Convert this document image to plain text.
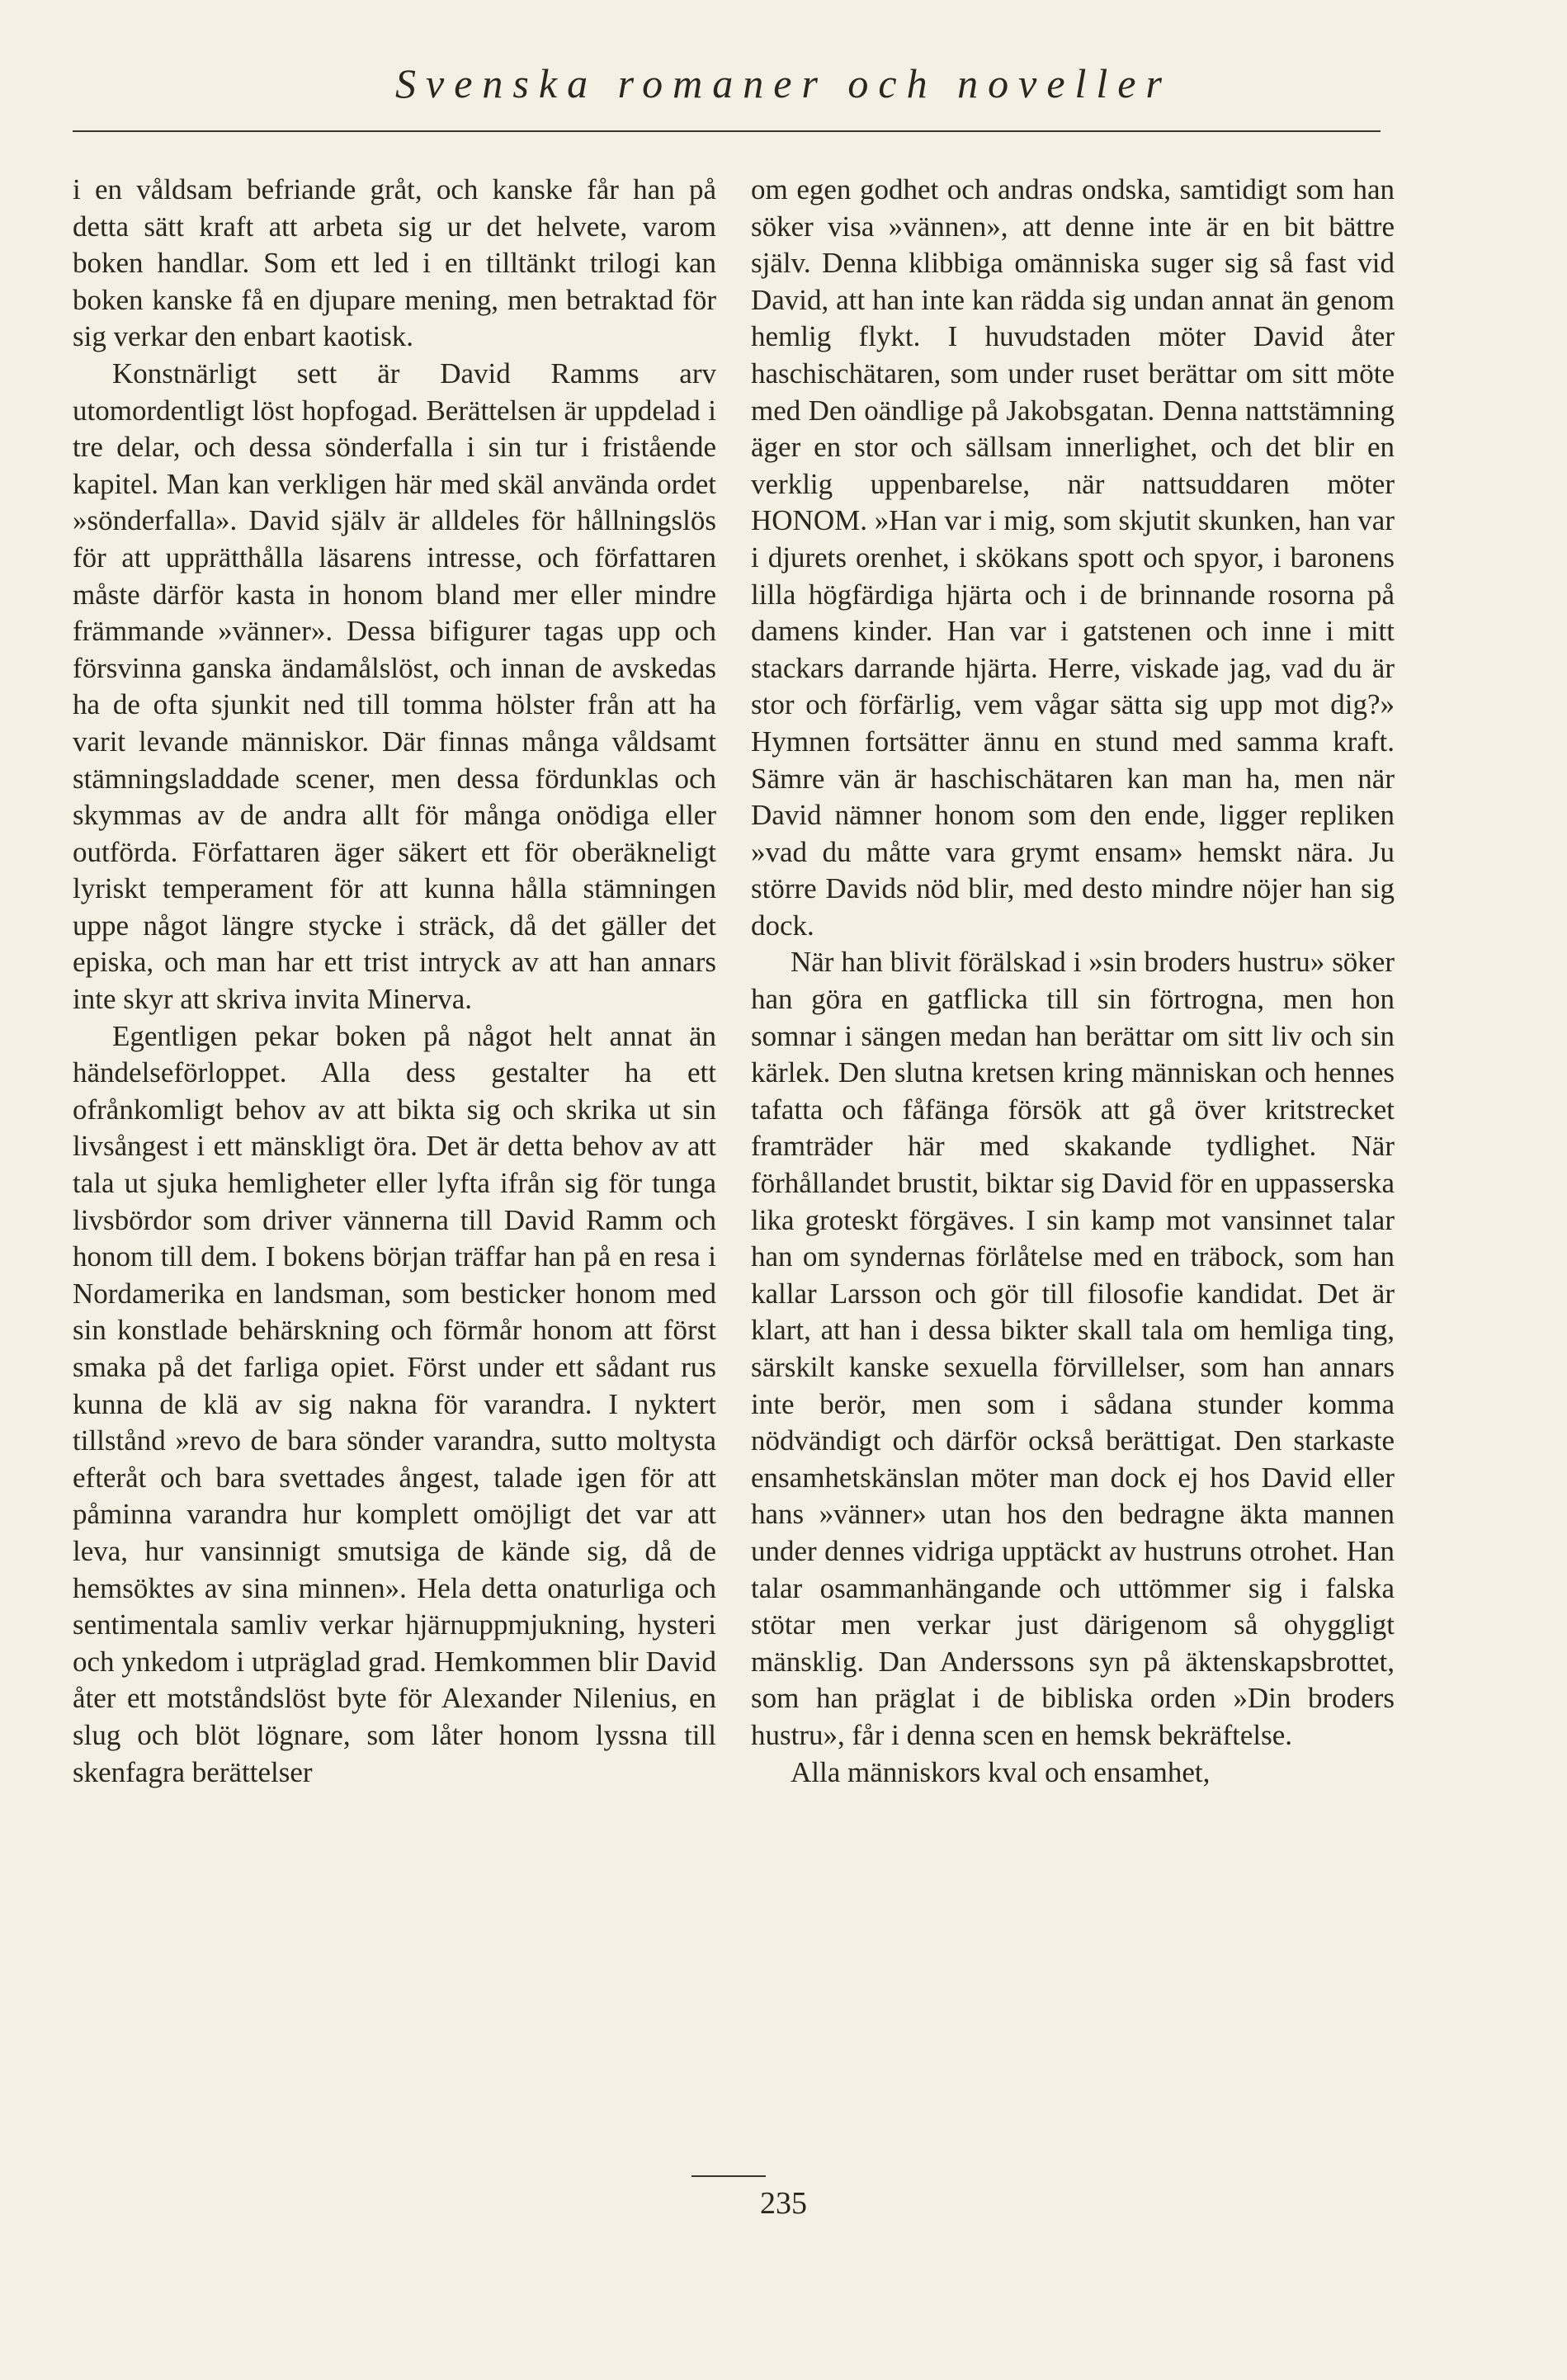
Svenska romaner och noveller

i en våldsam befriande gråt, och kanske får han på detta sätt kraft att arbeta sig ur det helvete, varom boken handlar. Som ett led i en tilltänkt trilogi kan boken kanske få en djupare mening, men betraktad för sig verkar den enbart kaotisk.

Konstnärligt sett är David Ramms arv utomordentligt löst hopfogad. Berättelsen är uppdelad i tre delar, och dessa sönderfalla i sin tur i fristående kapitel. Man kan verkligen här med skäl använda ordet »sönderfalla». David själv är alldeles för hållningslös för att upprätthålla läsarens intresse, och författaren måste därför kasta in honom bland mer eller mindre främmande »vänner». Dessa bifigurer tagas upp och försvinna ganska ändamålslöst, och innan de avskedas ha de ofta sjunkit ned till tomma hölster från att ha varit levande människor. Där finnas många våldsamt stämningsladdade scener, men dessa fördunklas och skymmas av de andra allt för många onödiga eller outförda. Författaren äger säkert ett för oberäkneligt lyriskt temperament för att kunna hålla stämningen uppe något längre stycke i sträck, då det gäller det episka, och man har ett trist intryck av att han annars inte skyr att skriva invita Minerva.

Egentligen pekar boken på något helt annat än händelseförloppet. Alla dess gestalter ha ett ofrånkomligt behov av att bikta sig och skrika ut sin livsångest i ett mänskligt öra. Det är detta behov av att tala ut sjuka hemligheter eller lyfta ifrån sig för tunga livsbördor som driver vännerna till David Ramm och honom till dem. I bokens början träffar han på en resa i Nordamerika en landsman, som besticker honom med sin konstlade behärskning och förmår honom att först smaka på det farliga opiet. Först under ett sådant rus kunna de klä av sig nakna för varandra. I nyktert tillstånd »revo de bara sönder varandra, sutto moltysta efteråt och bara svettades ångest, talade igen för att påminna varandra hur komplett omöjligt det var att leva, hur vansinnigt smutsiga de kände sig, då de hemsöktes av sina minnen». Hela detta onaturliga och sentimentala samliv verkar hjärnuppmjukning, hysteri och ynkedom i utpräglad grad. Hemkommen blir David åter ett motståndslöst byte för Alexander Nilenius, en slug och blöt lögnare, som låter honom lyssna till skenfagra berättelser

om egen godhet och andras ondska, samtidigt som han söker visa »vännen», att denne inte är en bit bättre själv. Denna klibbiga omänniska suger sig så fast vid David, att han inte kan rädda sig undan annat än genom hemlig flykt. I huvudstaden möter David åter haschischätaren, som under ruset berättar om sitt möte med Den oändlige på Jakobsgatan. Denna nattstämning äger en stor och sällsam innerlighet, och det blir en verklig uppenbarelse, när nattsuddaren möter HONOM. »Han var i mig, som skjutit skunken, han var i djurets orenhet, i skökans spott och spyor, i baronens lilla högfärdiga hjärta och i de brinnande rosorna på damens kinder. Han var i gatstenen och inne i mitt stackars darrande hjärta. Herre, viskade jag, vad du är stor och förfärlig, vem vågar sätta sig upp mot dig?» Hymnen fortsätter ännu en stund med samma kraft. Sämre vän är haschischätaren kan man ha, men när David nämner honom som den ende, ligger repliken »vad du måtte vara grymt ensam» hemskt nära. Ju större Davids nöd blir, med desto mindre nöjer han sig dock.

När han blivit förälskad i »sin broders hustru» söker han göra en gatflicka till sin förtrogna, men hon somnar i sängen medan han berättar om sitt liv och sin kärlek. Den slutna kretsen kring människan och hennes tafatta och fåfänga försök att gå över kritstrecket framträder här med skakande tydlighet. När förhållandet brustit, biktar sig David för en uppasserska lika groteskt förgäves. I sin kamp mot vansinnet talar han om syndernas förlåtelse med en träbock, som han kallar Larsson och gör till filosofie kandidat. Det är klart, att han i dessa bikter skall tala om hemliga ting, särskilt kanske sexuella förvillelser, som han annars inte berör, men som i sådana stunder komma nödvändigt och därför också berättigat. Den starkaste ensamhetskänslan möter man dock ej hos David eller hans »vänner» utan hos den bedragne äkta mannen under dennes vidriga upptäckt av hustruns otrohet. Han talar osammanhängande och uttömmer sig i falska stötar men verkar just därigenom så ohyggligt mänsklig. Dan Anderssons syn på äktenskapsbrottet, som han präglat i de bibliska orden »Din broders hustru», får i denna scen en hemsk bekräftelse.

Alla människors kval och ensamhet,

235
